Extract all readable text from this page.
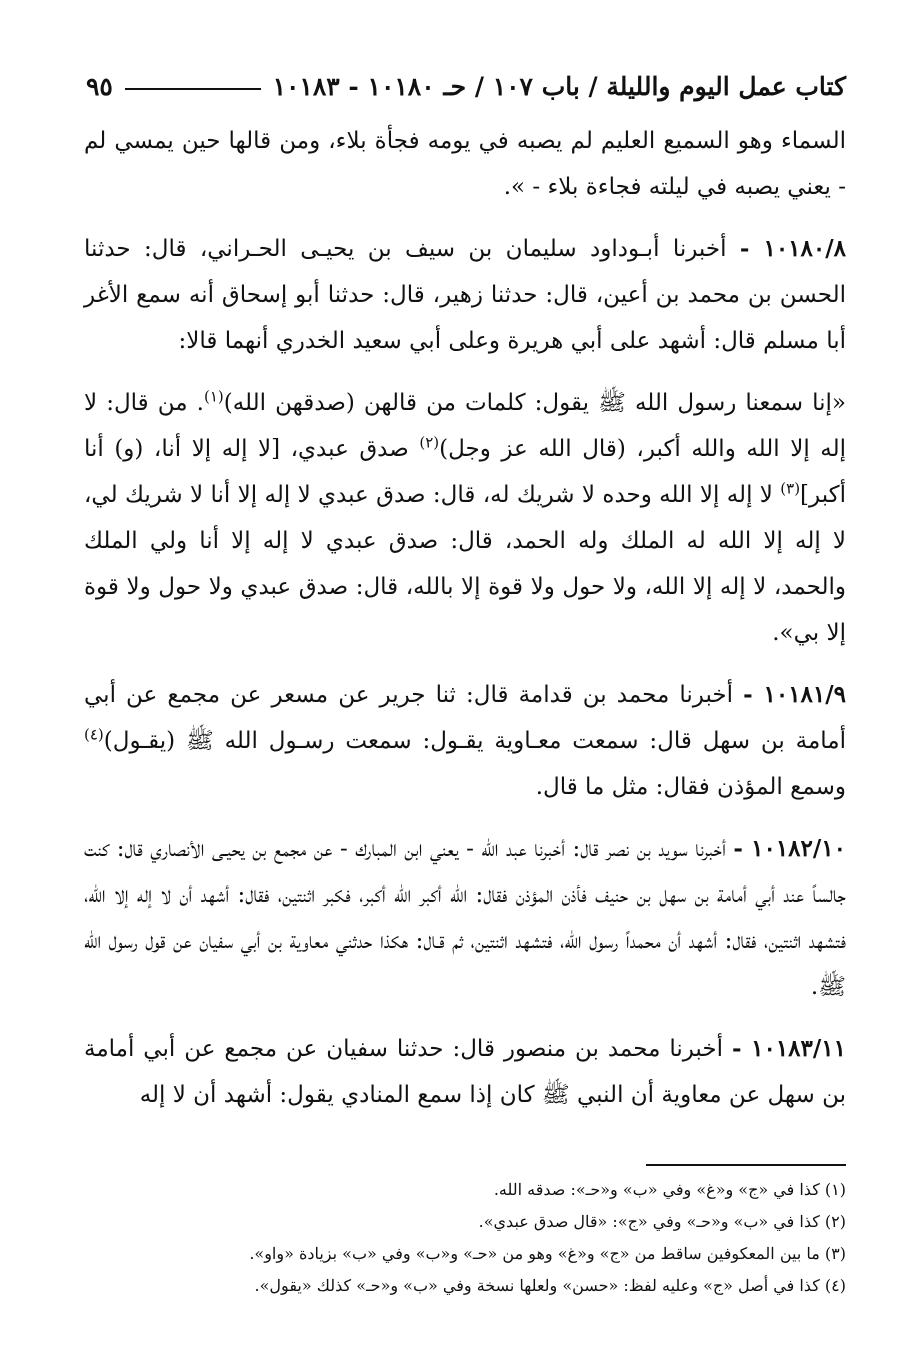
كتاب عمل اليوم والليلة / باب ١٠٧ / حـ ١٠١٨٠ - ١٠١٨٣
٩٥

السماء وهو السميع العليم لم يصبه في يومه فجأة بلاء، ومن قالها حين يمسي لم - يعني يصبه في ليلته فجاءة بلاء - ».

١٠١٨٠/٨ - أخبرنا أبـوداود سليمان بن سيف بن يحيـى الحـراني، قال: حدثنا الحسن بن محمد بن أعين، قال: حدثنا زهير، قال: حدثنا أبو إسحاق أنه سمع الأغر أبا مسلم قال: أشهد على أبي هريرة وعلى أبي سعيد الخدري أنهما قالا:

«إنا سمعنا رسول الله ﷺ يقول: كلمات من قالهن (صدقهن الله)$^{(١)}$. من قال: لا إله إلا الله والله أكبر، (قال الله عز وجل)$^{(٢)}$ صدق عبدي، [لا إله إلا أنا، (و) أنا أكبر]$^{(٣)}$ لا إله إلا الله وحده لا شريك له، قال: صدق عبدي لا إله إلا أنا لا شريك لي، لا إله إلا الله له الملك وله الحمد، قال: صدق عبدي لا إله إلا أنا ولي الملك والحمد، لا إله إلا الله، ولا حول ولا قوة إلا بالله، قال: صدق عبدي ولا حول ولا قوة إلا بي».

١٠١٨١/٩ - أخبرنا محمد بن قدامة قال: ثنا جرير عن مسعر عن مجمع عن أبي أمامة بن سهل قال: سمعت معـاوية يقـول: سمعت رسـول الله ﷺ (يقـول)$^{(٤)}$ وسمع المؤذن فقال: مثل ما قال.

١٠١٨٢/١٠ - أخبرنا سويد بن نصر قال: أخبرنا عبد الله - يعني ابن المبارك - عن مجمع بن يحيـى الأنصاري قال: كنت جالساً عند أبي أمامة بن سهل بن حنيف فأذن المؤذن فقال: الله أكبر الله أكبر، فكبر اثنتين، فقال: أشهد أن لا إله إلا الله، فتشهد اثنتين، فقال: أشهد أن محمداً رسول الله، فتشهد اثنتين، ثم قـال: هكذا حدثني معاوية بن أبي سفيان عن قول رسول الله ﷺ.

١٠١٨٣/١١ - أخبرنا محمد بن منصور قال: حدثنا سفيان عن مجمع عن أبي أمامة بن سهل عن معاوية أن النبي ﷺ كان إذا سمع المنادي يقول: أشهد أن لا إله

(١) كذا في «ج» و«غ» وفي «ب» و«حـ»: صدقه الله.
(٢) كذا في «ب» و«حـ» وفي «ج»: «قال صدق عبدي».
(٣) ما بين المعكوفين ساقط من «ج» و«غ» وهو من «حـ» و«ب» وفي «ب» بزيادة «واو».
(٤) كذا في أصل «ج» وعليه لفظ: «حسن» ولعلها نسخة وفي «ب» و«حـ» كذلك «يقول».
